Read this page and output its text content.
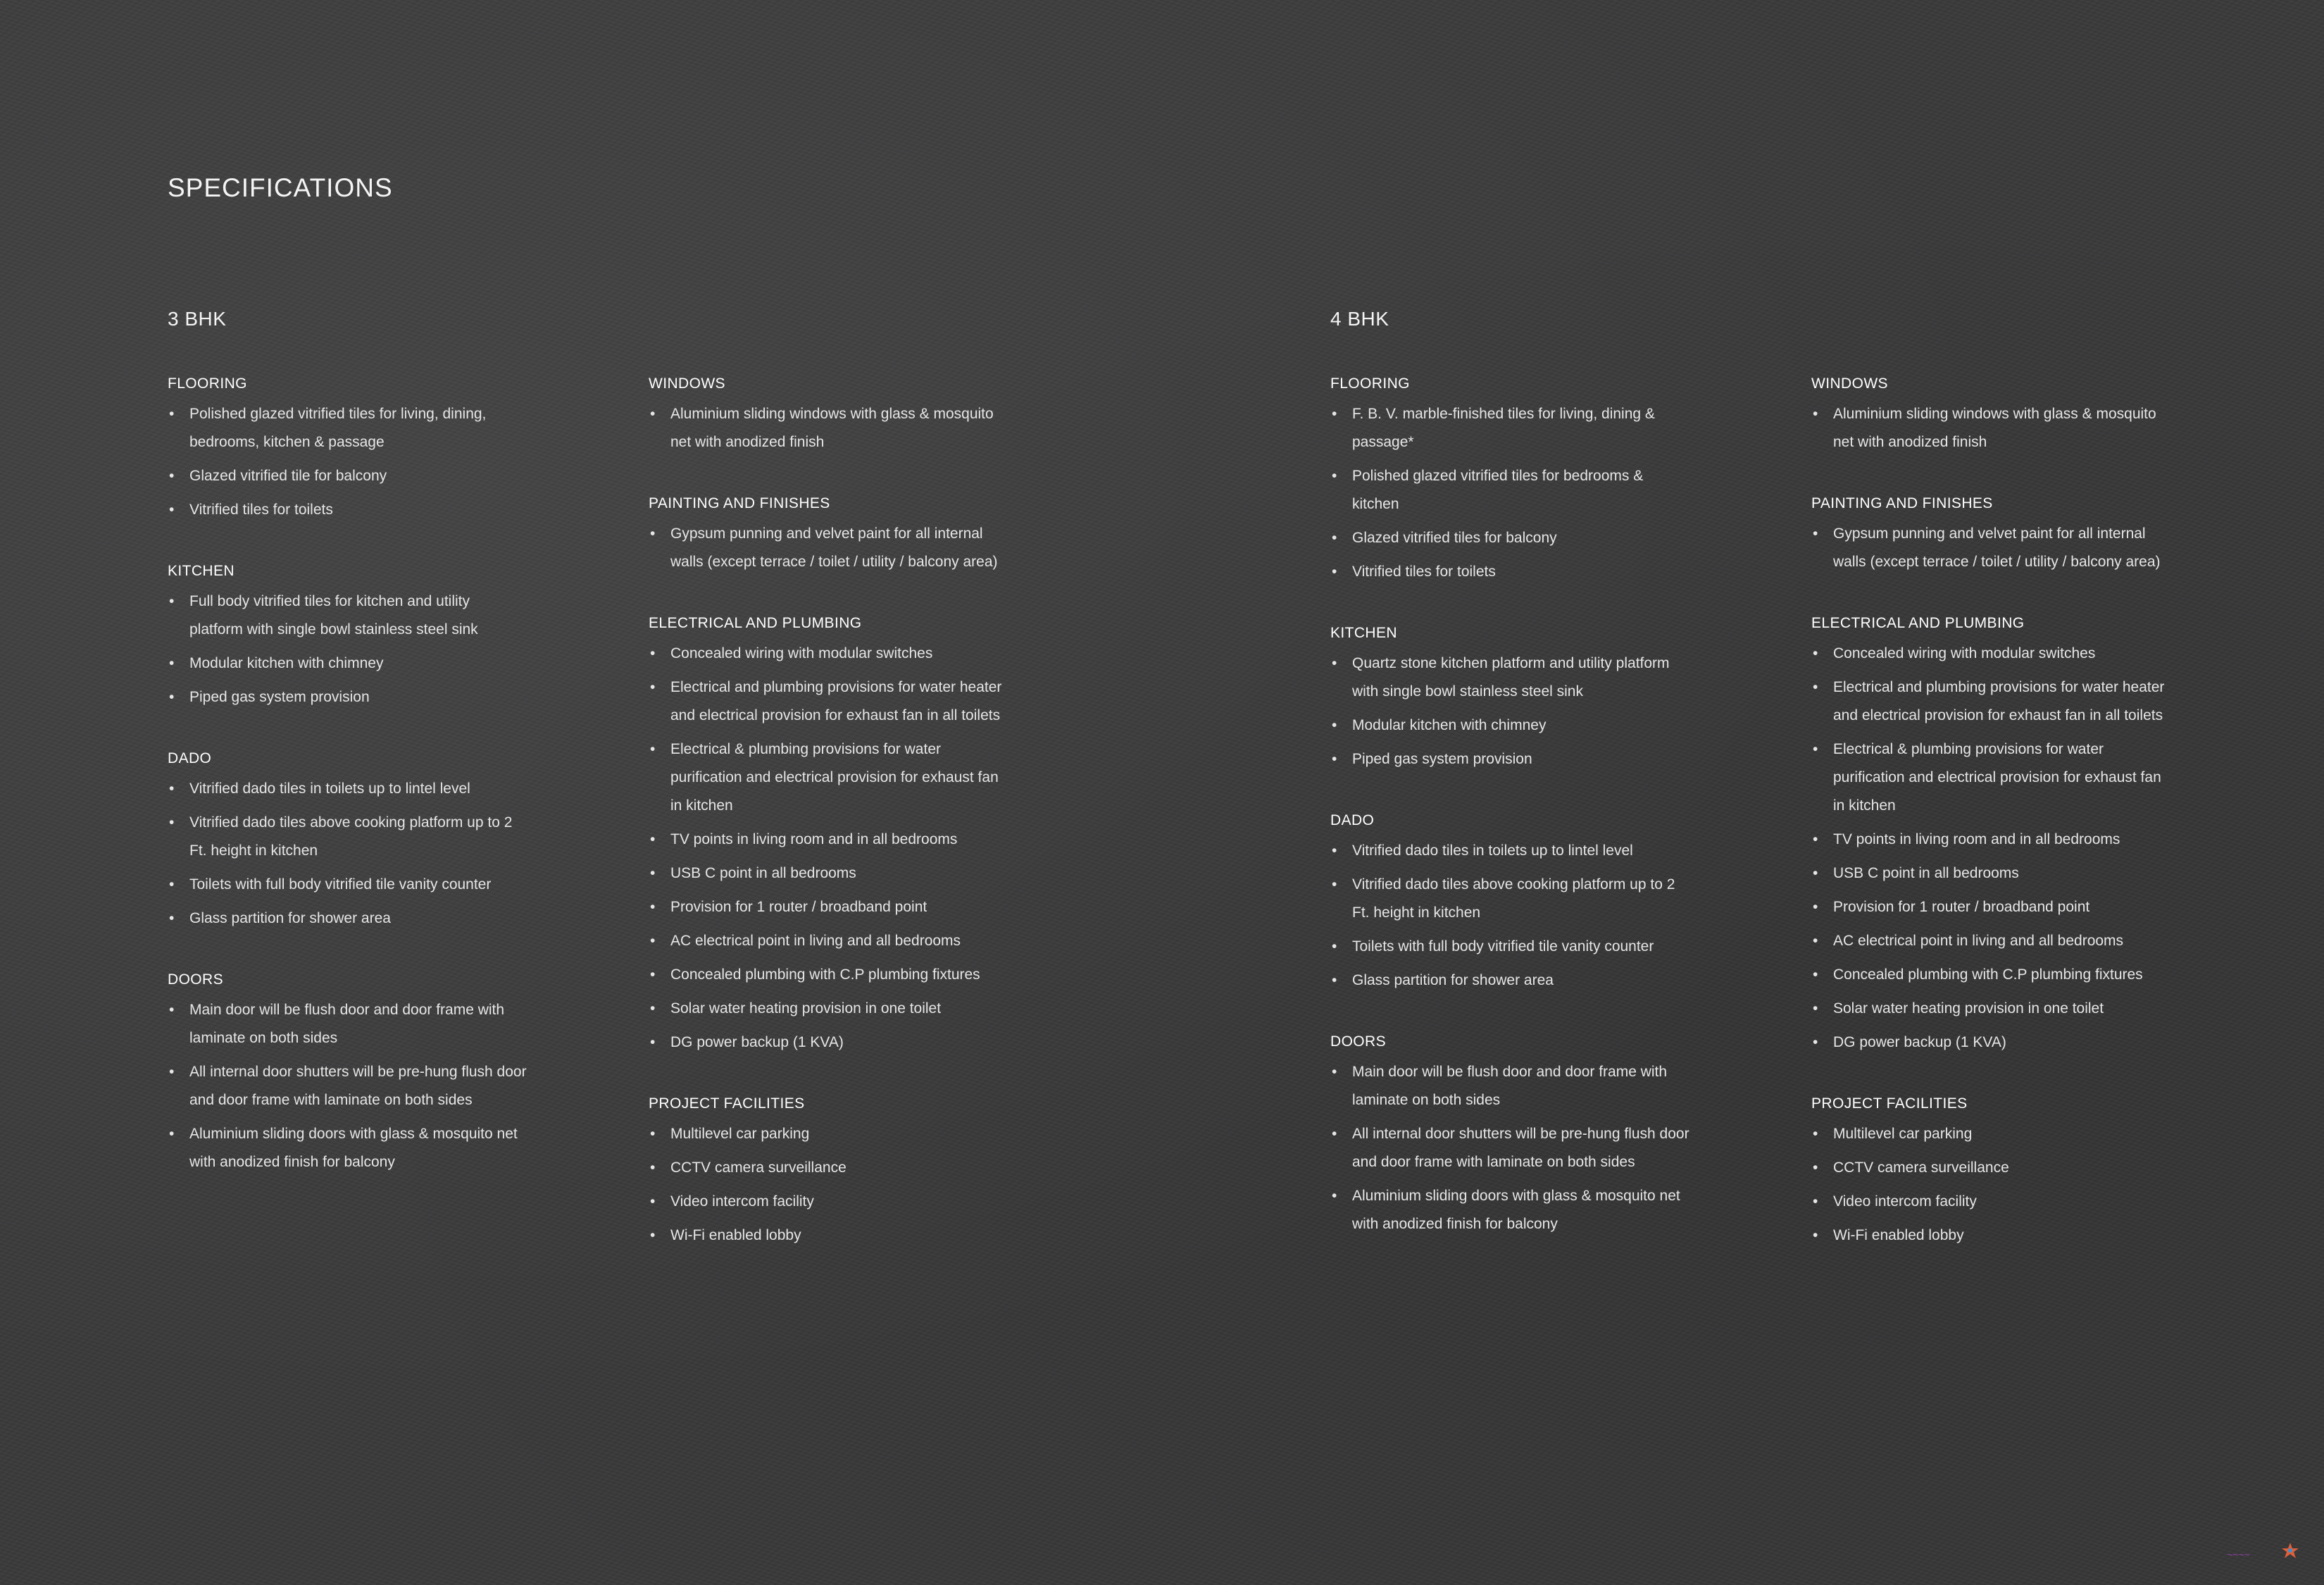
SPECIFICATIONS
3 BHK	4 BHK
FLOORING
• Polished glazed vitrified tiles for living, dining, bedrooms, kitchen & passage
• Glazed vitrified tile for balcony
• Vitrified tiles for toilets
KITCHEN
• Full body vitrified tiles for kitchen and utility platform with single bowl stainless steel sink
• Modular kitchen with chimney
• Piped gas system provision
DADO
• Vitrified dado tiles in toilets up to lintel level
• Vitrified dado tiles above cooking platform up to 2 Ft. height in kitchen
• Toilets with full body vitrified tile vanity counter
• Glass partition for shower area
DOORS
• Main door will be flush door and door frame with laminate on both sides
• All internal door shutters will be pre-hung flush door and door frame with laminate on both sides
• Aluminium sliding doors with glass & mosquito net with anodized finish for balcony
WINDOWS
• Aluminium sliding windows with glass & mosquito net with anodized finish
PAINTING AND FINISHES
• Gypsum punning and velvet paint for all internal walls (except terrace / toilet / utility / balcony area)
ELECTRICAL AND PLUMBING
• Concealed wiring with modular switches
• Electrical and plumbing provisions for water heater and electrical provision for exhaust fan in all toilets
• Electrical & plumbing provisions for water purification and electrical provision for exhaust fan in kitchen
• TV points in living room and in all bedrooms
• USB C point in all bedrooms
• Provision for 1 router / broadband point
• AC electrical point in living and all bedrooms
• Concealed plumbing with C.P plumbing fixtures
• Solar water heating provision in one toilet
• DG power backup (1 KVA)
PROJECT FACILITIES
• Multilevel car parking
• CCTV camera surveillance
• Video intercom facility
• Wi-Fi enabled lobby
FLOORING
• F. B. V. marble-finished tiles for living, dining & passage*
• Polished glazed vitrified tiles for bedrooms & kitchen
• Glazed vitrified tiles for balcony
• Vitrified tiles for toilets
KITCHEN
• Quartz stone kitchen platform and utility platform with single bowl stainless steel sink
• Modular kitchen with chimney
• Piped gas system provision
DADO
• Vitrified dado tiles in toilets up to lintel level
• Vitrified dado tiles above cooking platform up to 2 Ft. height in kitchen
• Toilets with full body vitrified tile vanity counter
• Glass partition for shower area
DOORS
• Main door will be flush door and door frame with laminate on both sides
• All internal door shutters will be pre-hung flush door and door frame with laminate on both sides
• Aluminium sliding doors with glass & mosquito net with anodized finish for balcony
WINDOWS
• Aluminium sliding windows with glass & mosquito net with anodized finish
PAINTING AND FINISHES
• Gypsum punning and velvet paint for all internal walls (except terrace / toilet / utility / balcony area)
ELECTRICAL AND PLUMBING
• Concealed wiring with modular switches
• Electrical and plumbing provisions for water heater and electrical provision for exhaust fan in all toilets
• Electrical & plumbing provisions for water purification and electrical provision for exhaust fan in kitchen
• TV points in living room and in all bedrooms
• USB C point in all bedrooms
• Provision for 1 router / broadband point
• AC electrical point in living and all bedrooms
• Concealed plumbing with C.P plumbing fixtures
• Solar water heating provision in one toilet
• DG power backup (1 KVA)
PROJECT FACILITIES
• Multilevel car parking
• CCTV camera surveillance
• Video intercom facility
• Wi-Fi enabled lobby
~~~~
